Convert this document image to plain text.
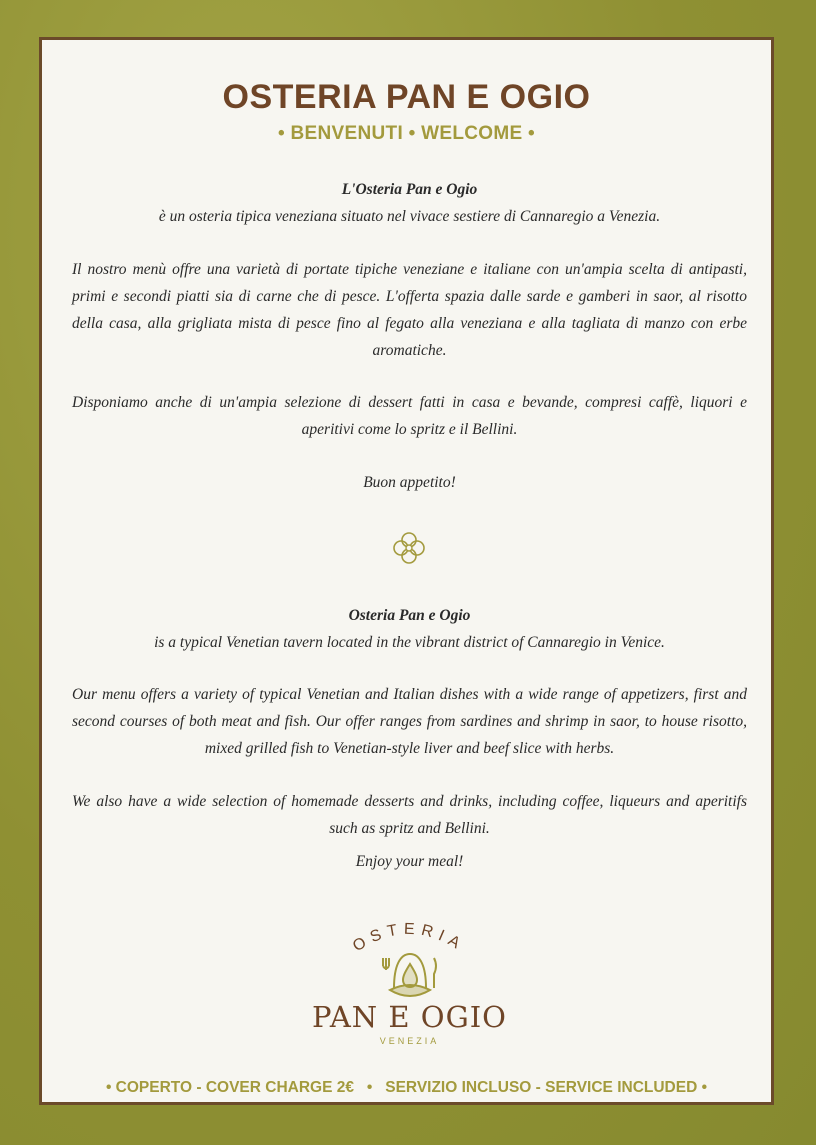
OSTERIA PAN E OGIO

• BENVENUTI • WELCOME •

L'Osteria Pan e Ogio

è un osteria tipica veneziana situato nel vivace sestiere di Cannaregio a Venezia.

Il nostro menù offre una varietà di portate tipiche veneziane e italiane con un'ampia scelta di antipasti, primi e secondi piatti sia di carne che di pesce. L'offerta spazia dalle sarde e gamberi in saor, al risotto della casa, alla grigliata mista di pesce fino al fegato alla veneziana e alla tagliata di manzo con erbe aromatiche.

Disponiamo anche di un'ampia selezione di dessert fatti in casa e bevande, compresi caffè, liquori e aperitivi come lo spritz e il Bellini.

Buon appetito!

Osteria Pan e Ogio

is a typical Venetian tavern located in the vibrant district of Cannaregio in Venice.

Our menu offers a variety of typical Venetian and Italian dishes with a wide range of appetizers, first and second courses of both meat and fish. Our offer ranges from sardines and shrimp in saor, to house risotto, mixed grilled fish to Venetian-style liver and beef slice with herbs.

We also have a wide selection of homemade desserts and drinks, including coffee, liqueurs and aperitifs such as spritz and Bellini.

Enjoy your meal!

OSTERIA

PAN E OGIO

VENEZIA

• COPERTO - COVER CHARGE 2€   •   SERVIZIO INCLUSO - SERVICE INCLUDED •
